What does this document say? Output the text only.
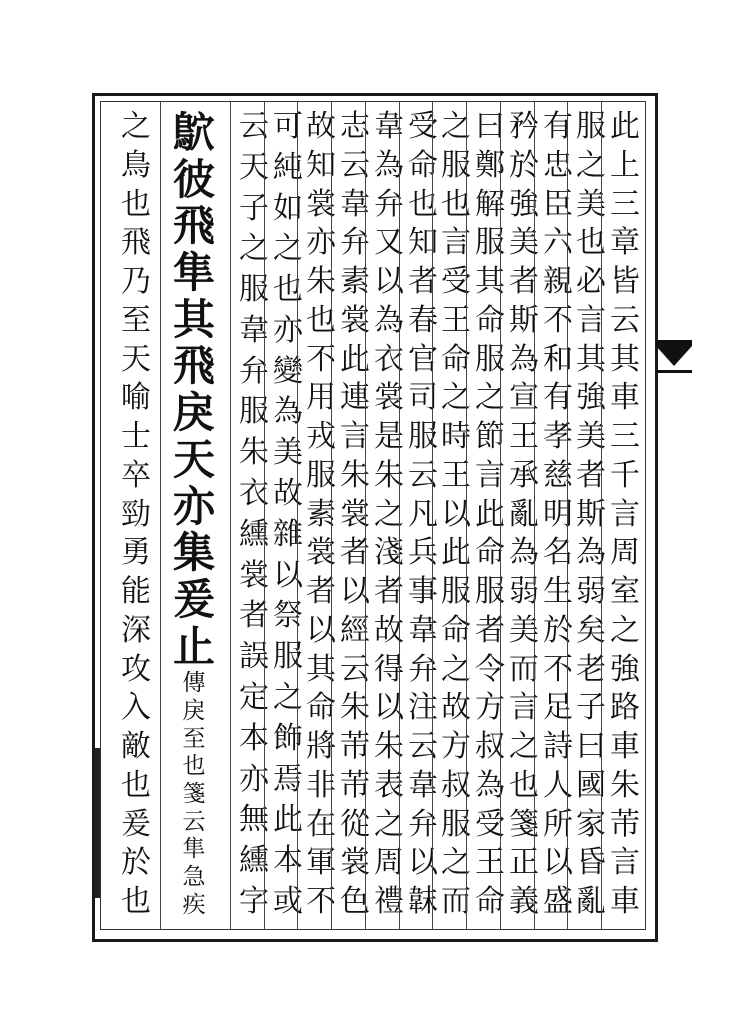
此
上
三
章
皆
云
其
車
三
千
言
周
室
之
強
路
車
朱
芾
言
車
服
之
美
也
必
言
其
強
美
者
斯
為
弱
矣
老
子
曰
國
家
昏
亂
有
忠
臣
六
親
不
和
有
孝
慈
明
名
生
於
不
足
詩
人
所
以
盛
矜
於
強
美
者
斯
為
宣
王
承
亂
為
弱
美
而
言
之
也
箋
正
義
曰
鄭
解
服
其
命
服
之
節
言
此
命
服
者
令
方
叔
為
受
王
命
之
服
也
言
受
王
命
之
時
王
以
此
服
命
之
故
方
叔
服
之
而
受
命
也
知
者
春
官
司
服
云
凡
兵
事
韋
弁
注
云
韋
弁
以
韎
韋
為
弁
又
以
為
衣
裳
是
朱
之
淺
者
故
得
以
朱
表
之
周
禮
志
云
韋
弁
素
裳
此
連
言
朱
裳
者
以
經
云
朱
芾
芾
從
裳
色
故
知
裳
亦
朱
也
不
用
戎
服
素
裳
者
以
其
命
將
非
在
軍
不
可
純
如
之
也
亦
變
為
美
故
雜
以
祭
服
之
飾
焉
此
本
或
云
天
子
之
服
韋
弁
服
朱
衣
纁
裳
者
誤
定
本
亦
無
纁
字
鴥
彼
飛
隼
其
飛
戾
天
亦
集
爰
止
傳
戾
至
也
箋
云
隼
急
疾
之
鳥
也
飛
乃
至
天
喻
士
卒
勁
勇
能
深
攻
入
敵
也
爰
於
也
